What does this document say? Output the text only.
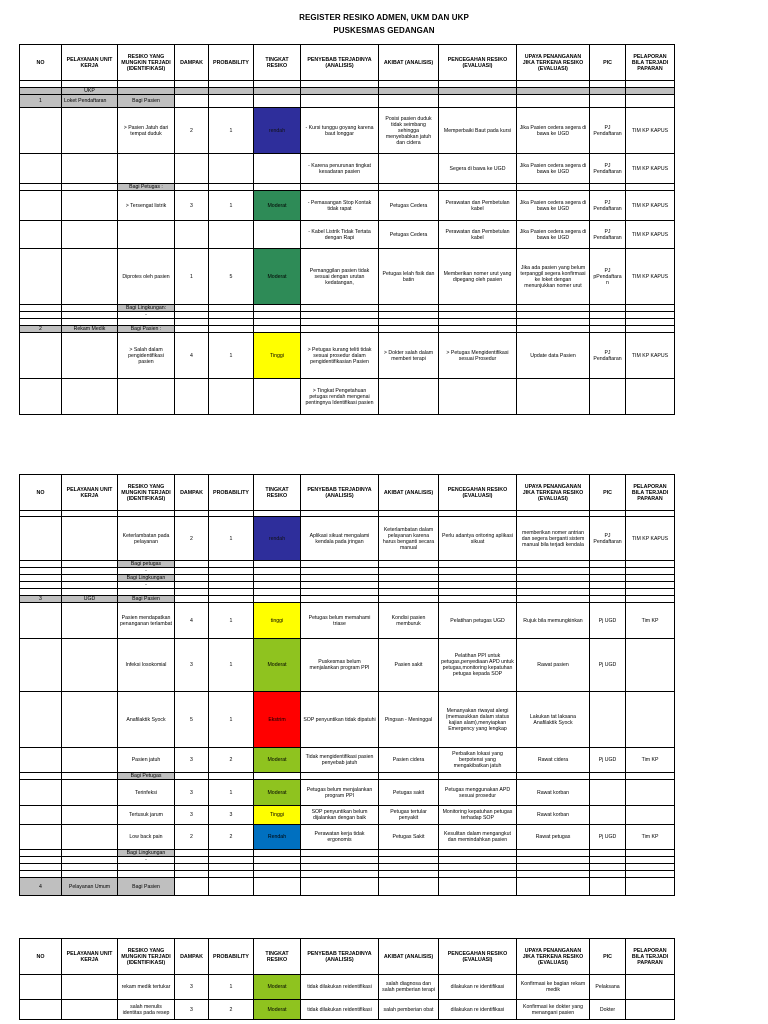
REGISTER RESIKO ADMEN, UKM DAN UKP
PUSKESMAS GEDANGAN
NO	PELAYANAN UNIT KERJA	RESIKO YANG MUNGKIN TERJADI (IDENTIFIKASI)	DAMPAK	PROBABILITY	TINGKAT RESIKO	PENYEBAB TERJADINYA (ANALISIS)	AKIBAT (ANALISIS)	PENCEGAHAN RESIKO (EVALUASI)	UPAYA PENANGANAN JIKA TERKENA RESIKO (EVALUASI)	PIC	PELAPORAN BILA TERJADI PAPARAN

	UKP										
1	Loket Pendaftaran	Bagi Pasien									
		> Pasien Jatuh dari tempat duduk	2	1	rendah	- Kursi tunggu goyang karena baut longgar	Posisi pasien duduk tidak seimbang sehingga menyebabkan jatuh dan cidera	Memperbaiki Baut pada kursi	Jika Pasien cedera segera di bawa ke UGD	PJ Pendaftaran	TIM KP KAPUS
						- Karena penurunan tingkat kesadaran pasien		Segera di bawa ke UGD	Jika Pasien cedera segera di bawa ke UGD	PJ Pendaftaran	TIM KP KAPUS
		Bagi Petugas :									
		> Tersengat listrik	3	1	Moderat	- Pemasangan Stop Kontak tidak rapat	Petugas Cedera	Perawatan dan Pembetulan kabel	Jika Pasien cedera segera di bawa ke UGD	PJ Pendaftaran	TIM KP KAPUS
						- Kabel Listrik Tidak Tertata dengan Rapi	Petugas Cedera	Perawatan dan Pembetulan kabel	Jika Pasien cedera segera di bawa ke UGD	PJ Pendaftaran	TIM KP KAPUS
		Diprotes oleh pasien	1	5	Moderat	Pemanggilan pasien tidak sesuai dengan urutan kedatangan,	Petugas lelah fisik dan batin	Memberikan nomer urut yang dipegang oleh pasien	Jika ada pasien yang belum terpanggil segera konfirmasi ke loket dengan menunjukkan nomer urut	PJ pPendaftaran	TIM KP KAPUS
		Bagi Lingkungan:									
		-									

2	Rekam Medik	Bagi Pasien :									
		> Salah dalam pengidentifikasi pasien	4	1	Tinggi	> Petugas kurang teliti tidak sesuai prosedur dalam pengidentifikasian Pasien	> Dokter salah dalam memberi terapi	> Petugas Mengidentifikasi sesuai Prosedur	Update data Pasien	PJ Pendaftaran	TIM KP KAPUS
						> Tingkat Pengetahuan petugas rendah mengenai pentingnya Identifikasi pasien					
NO	PELAYANAN UNIT KERJA	RESIKO YANG MUNGKIN TERJADI (IDENTIFIKASI)	DAMPAK	PROBABILITY	TINGKAT RESIKO	PENYEBAB TERJADINYA (ANALISIS)	AKIBAT (ANALISIS)	PENCEGAHAN RESIKO (EVALUASI)	UPAYA PENANGANAN JIKA TERKENA RESIKO (EVALUASI)	PIC	PELAPORAN BILA TERJADI PAPARAN

		Keterlambatan pada pelayanan	2	1	rendah	Aplikasi sikuat mengalami kendala pada jringan	Keterlambatan dalam pelayanan karena harus benganti secara manual	Perlu adantya oritoring aplikasi sikuat	memberikan nomer antrian dan segera berganti sistem manual bila terjadi kendala	PJ Pendaftaran	TIM KP KAPUS
		Bagi petugas									
		-									
		Bagi Lingkungan									
		-									

3	UGD	Bagi Pasien									
		Pasien mendapatkan penanganan terlambat	4	1	tinggi	Petugas belum memahami triase	Kondisi pasien memburuk	Pelatihan petugas UGD	Rujuk bila memungkinkan	Pj UGD	Tim KP
		Infeksi losokomial	3	1	Moderat	Puskesmas belum menjalankan program PPI	Pasien sakit	Pelatihan PPI untuk petugas,penyediaan APD untuk petugas,monitoring kepatuhan petugas kepada SOP	Rawat pasien	Pj UGD	
		Anafilaktik Syock	5	1	Ekstrim	SOP penyuntikan tidak dipatuhi	Pingsan - Meninggal	Menanyakan riwayat alergi (memasukkan dalam status kajian alam),menyiapkan Emergency yang lengkap	Lakukan tat laksana Anafilaktik Syock		
		Pasien jatuh	3	2	Moderat	Tidak mengidentifikasi pasien penyebab jatuh	Pasien cidera	Perbaikan lokasi yang berpotensi yang mengakibatkan jatuh	Rawat cidera	Pj UGD	Tim KP
		Bagi Petugas									
		Terinfeksi	3	1	Moderat	Petugas belum menjalankan program PPI	Petugas sakit	Petugas menggunakan APD sesuai prosedur	Rawat korban		
		Tertusuk jarum	3	3	Tinggi	SOP penyuntikan belum dijalankan dengan baik	Petugas tertular penyakit	Monitoring kepatuhan petugas terhadap SOP	Rawat korban		
		Low back pain	2	2	Rendah	Perawatan kerja tidak ergonomis	Petugas Sakit	Kesulitan dalam mengangkut dan memindahkan pasien	Rawat petugas	Pj UGD	Tim KP
		Bagi Lingkungan									
		-									

4	Pelayanan Umum	Bagi Pasien									
NO	PELAYANAN UNIT KERJA	RESIKO YANG MUNGKIN TERJADI (IDENTIFIKASI)	DAMPAK	PROBABILITY	TINGKAT RESIKO	PENYEBAB TERJADINYA (ANALISIS)	AKIBAT (ANALISIS)	PENCEGAHAN RESIKO (EVALUASI)	UPAYA PENANGANAN JIKA TERKENA RESIKO (EVALUASI)	PIC	PELAPORAN BILA TERJADI PAPARAN
		rekam medik tertukar	3	1	Moderat	tidak dilakukan reidentifikasi	salah diagnosa dan salah pemberian terapi	dilakukan re identifikasi	Konfirmasi ke bagian rekam medik	Pelaksana	
		salah menulis identitas pada resep	3	2	Moderat	tidak dilakukan reidentifikasi	salah pemberian obat	dilakukan re identifikasi	Konfirmasi ke dokter yang menangani pasien	Dokter	
